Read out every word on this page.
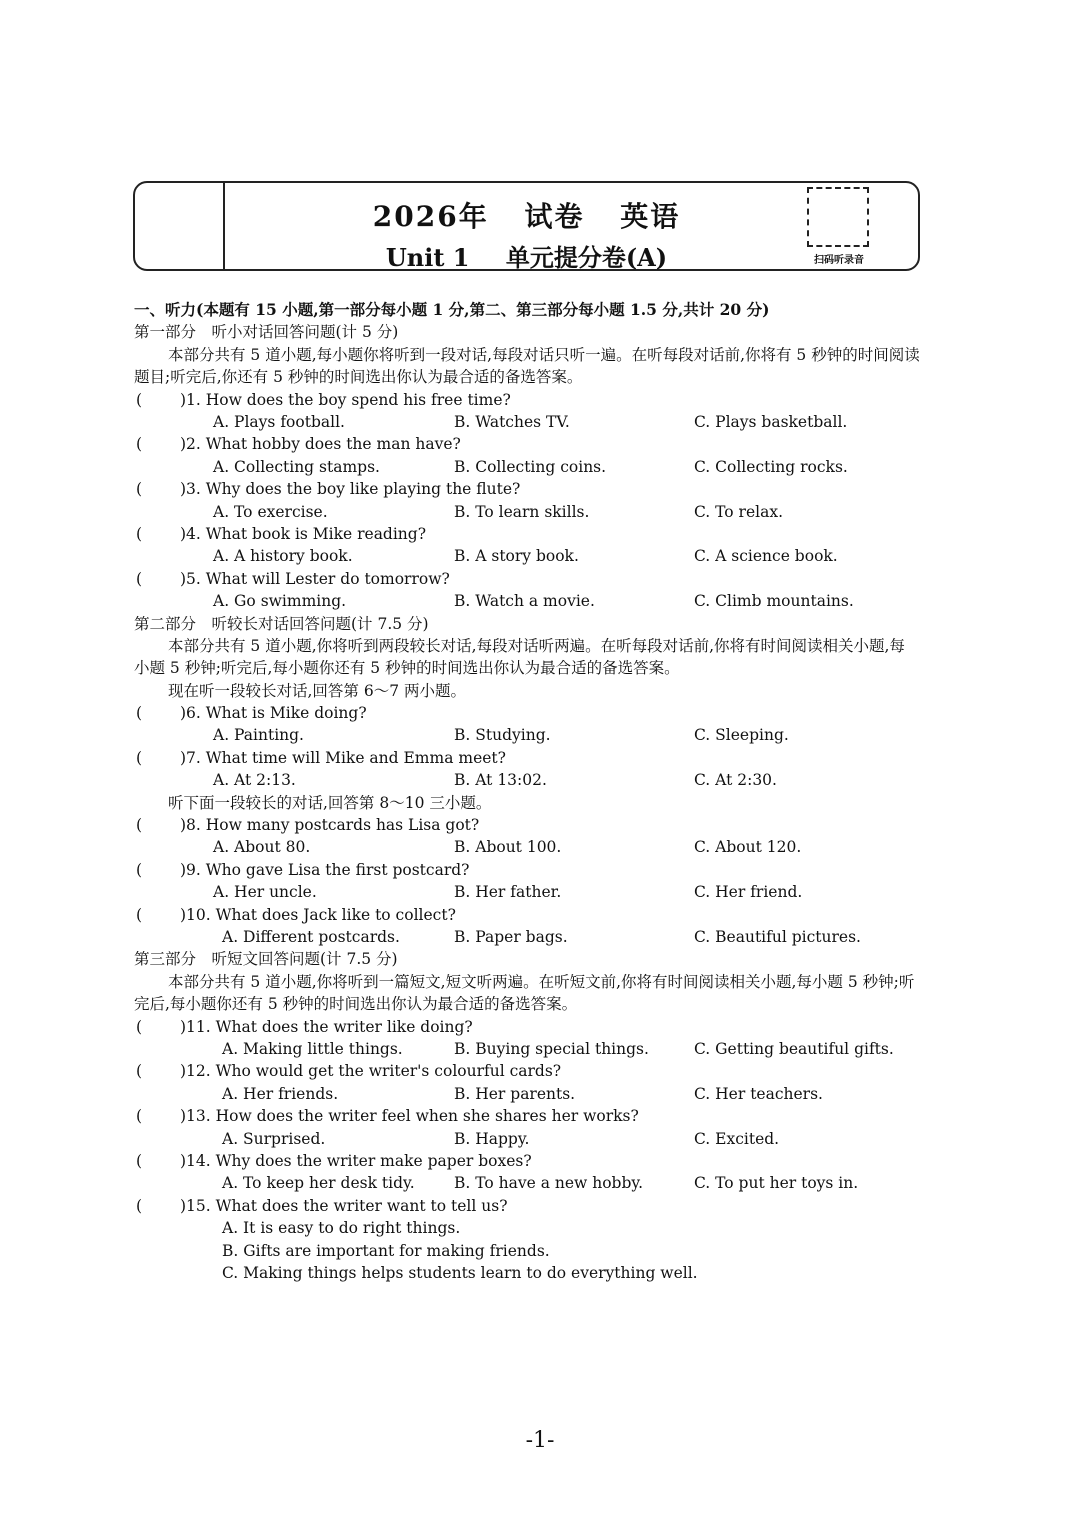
2026年 试卷 英语
Unit 1 单元提分卷(A)	扫码听录音
一、听力(本题有 15 小题,第一部分每小题 1 分,第二、第三部分每小题 1.5 分,共计 20 分)
第一部分　听小对话回答问题(计 5 分)
本部分共有 5 道小题,每小题你将听到一段对话,每段对话只听一遍。在听每段对话前,你将有 5 秒钟的时间阅读题目;听完后,你还有 5 秒钟的时间选出你认为最合适的备选答案。
( ) 1. How does the boy spend his free time?
A. Plays football.	B. Watches TV.	C. Plays basketball.
( ) 2. What hobby does the man have?
A. Collecting stamps.	B. Collecting coins.	C. Collecting rocks.
( ) 3. Why does the boy like playing the flute?
A. To exercise.	B. To learn skills.	C. To relax.
( ) 4. What book is Mike reading?
A. A history book.	B. A story book.	C. A science book.
( ) 5. What will Lester do tomorrow?
A. Go swimming.	B. Watch a movie.	C. Climb mountains.
第二部分　听较长对话回答问题(计 7.5 分)
本部分共有 5 道小题,你将听到两段较长对话,每段对话听两遍。在听每段对话前,你将有时间阅读相关小题,每小题 5 秒钟;听完后,每小题你还有 5 秒钟的时间选出你认为最合适的备选答案。
现在听一段较长对话,回答第 6～7 两小题。
( ) 6. What is Mike doing?
A. Painting.	B. Studying.	C. Sleeping.
( ) 7. What time will Mike and Emma meet?
A. At 2:13.	B. At 13:02.	C. At 2:30.
听下面一段较长的对话,回答第 8～10 三小题。
( ) 8. How many postcards has Lisa got?
A. About 80.	B. About 100.	C. About 120.
( ) 9. Who gave Lisa the first postcard?
A. Her uncle.	B. Her father.	C. Her friend.
( ) 10. What does Jack like to collect?
A. Different postcards.	B. Paper bags.	C. Beautiful pictures.
第三部分　听短文回答问题(计 7.5 分)
本部分共有 5 道小题,你将听到一篇短文,短文听两遍。在听短文前,你将有时间阅读相关小题,每小题 5 秒钟;听完后,每小题你还有 5 秒钟的时间选出你认为最合适的备选答案。
( ) 11. What does the writer like doing?
A. Making little things.	B. Buying special things.	C. Getting beautiful gifts.
( ) 12. Who would get the writer's colourful cards?
A. Her friends.	B. Her parents.	C. Her teachers.
( ) 13. How does the writer feel when she shares her works?
A. Surprised.	B. Happy.	C. Excited.
( ) 14. Why does the writer make paper boxes?
A. To keep her desk tidy.	B. To have a new hobby.	C. To put her toys in.
( ) 15. What does the writer want to tell us?
A. It is easy to do right things.
B. Gifts are important for making friends.
C. Making things helps students learn to do everything well.
-1-
